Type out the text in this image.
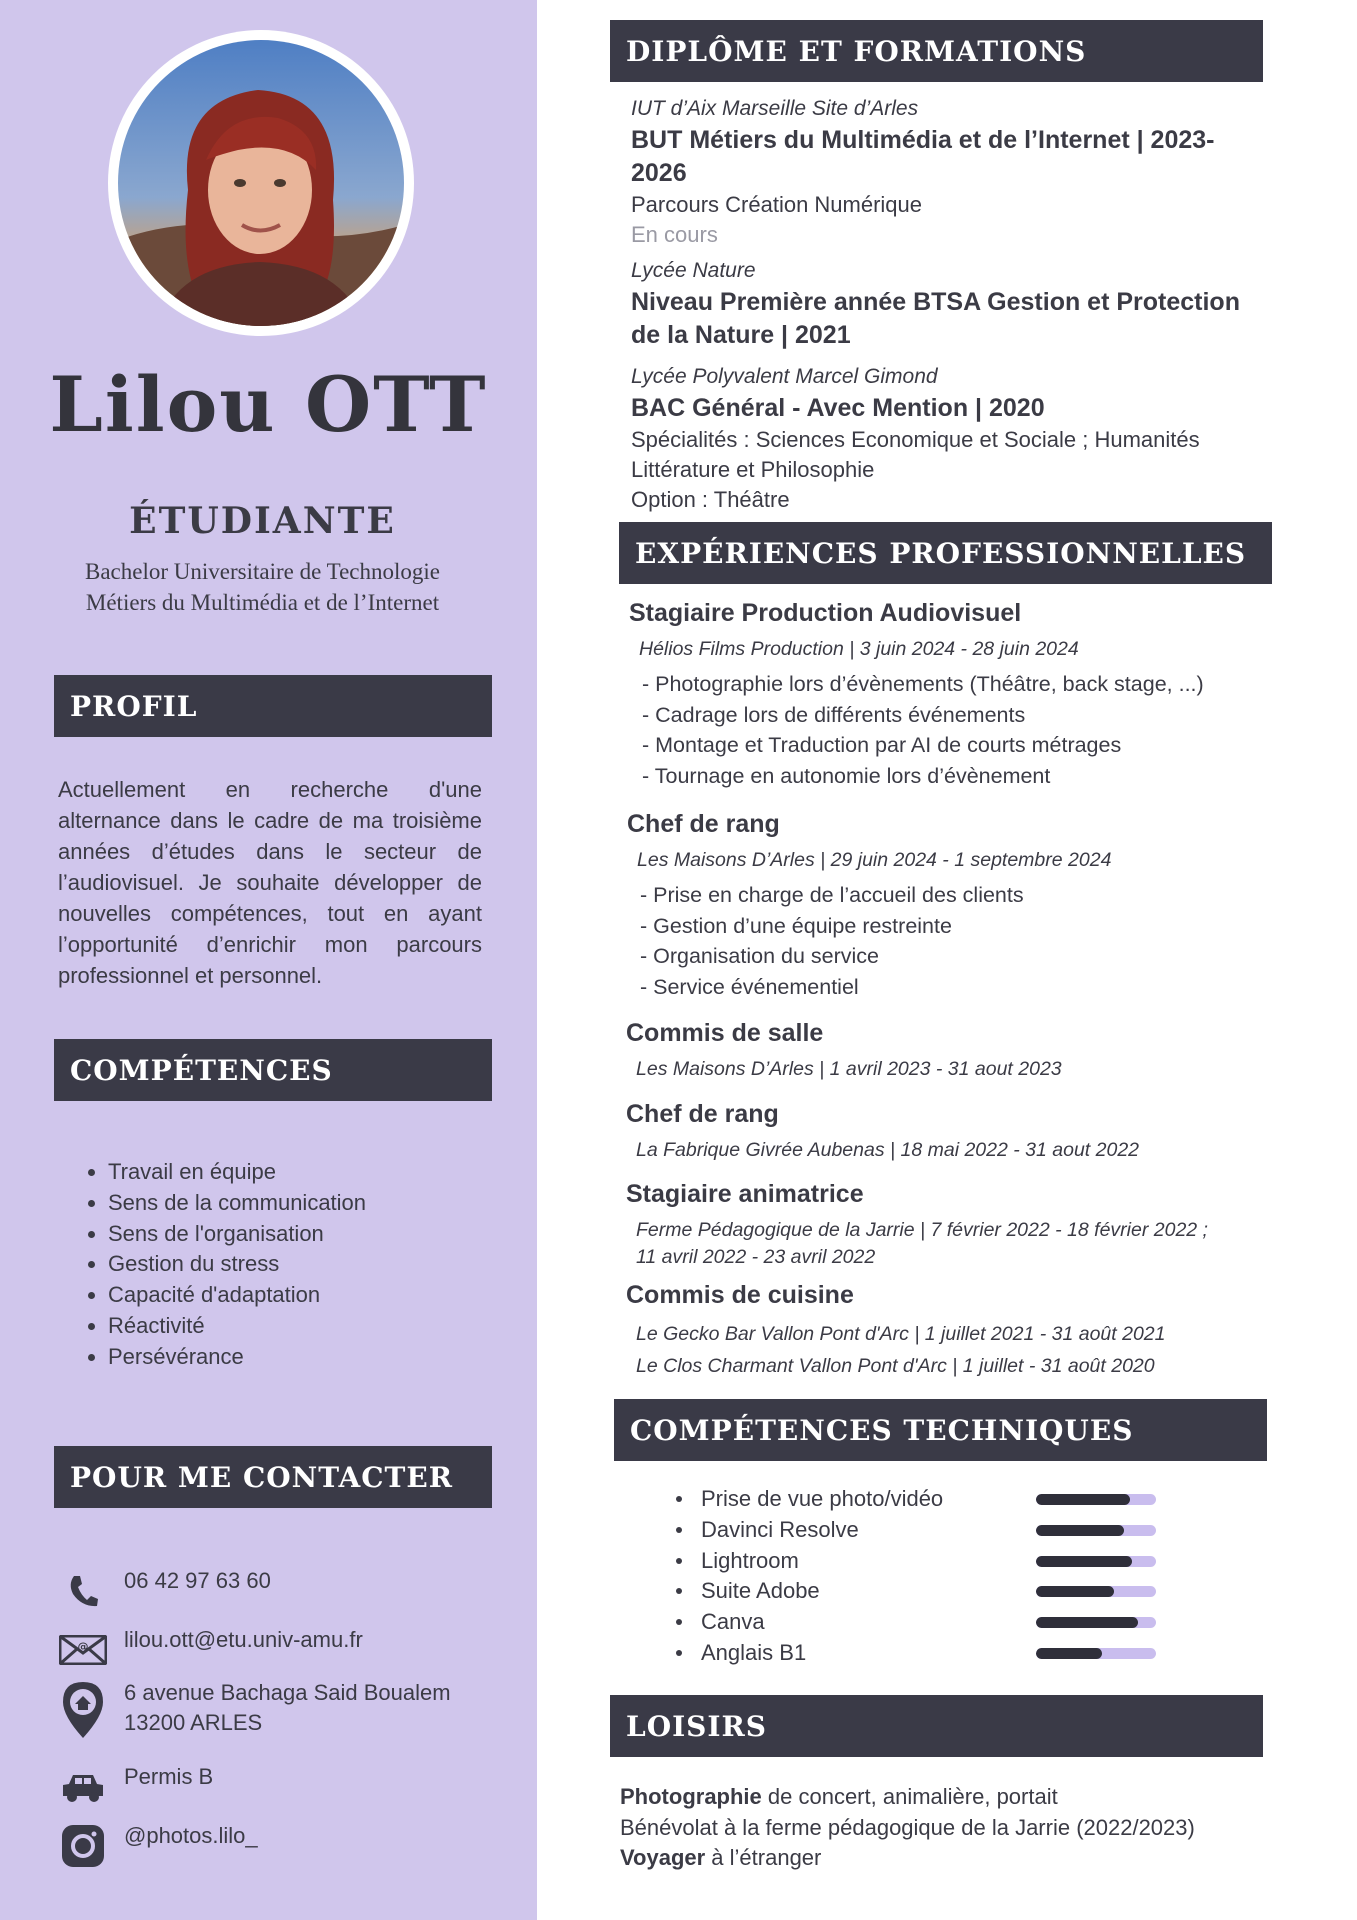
Lilou OTT
ÉTUDIANTE
Bachelor Universitaire de Technologie
Métiers du Multimédia et de l’Internet
PROFIL
Actuellement en recherche d'une alternance dans le cadre de ma troisième années d’études dans le secteur de l’audiovisuel. Je souhaite développer de nouvelles compétences, tout en ayant l’opportunité d’enrichir mon parcours professionnel et personnel.
COMPÉTENCES
• Travail en équipe
• Sens de la communication
• Sens de l'organisation
• Gestion du stress
• Capacité d'adaptation
• Réactivité
• Persévérance
POUR ME CONTACTER
06 42 97 63 60
@ lilou.ott@etu.univ-amu.fr
6 avenue Bachaga Said Boualem
13200 ARLES
Permis B
@photos.lilo_
DIPLÔME ET FORMATIONS
IUT d’Aix Marseille Site d’Arles
BUT Métiers du Multimédia et de l’Internet | 2023-2026
Parcours Création Numérique
En cours
Lycée Nature
Niveau Première année BTSA Gestion et Protection de la Nature | 2021
Lycée Polyvalent Marcel Gimond
BAC Général - Avec Mention | 2020
Spécialités : Sciences Economique et Sociale ; Humanités Littérature et Philosophie
Option : Théâtre
EXPÉRIENCES PROFESSIONNELLES
Stagiaire Production Audiovisuel
Hélios Films Production | 3 juin 2024 - 28 juin 2024
- Photographie lors d’évènements (Théâtre, back stage, ...)
- Cadrage lors de différents événements
- Montage et Traduction par AI de courts métrages
- Tournage en autonomie lors d’évènement
Chef de rang
Les Maisons D’Arles | 29 juin 2024 - 1 septembre 2024
- Prise en charge de l’accueil des clients
- Gestion d’une équipe restreinte
- Organisation du service
- Service événementiel
Commis de salle
Les Maisons D’Arles | 1 avril 2023 - 31 aout 2023
Chef de rang
La Fabrique Givrée Aubenas | 18 mai 2022 - 31 aout 2022
Stagiaire animatrice
Ferme Pédagogique de la Jarrie | 7 février 2022 - 18 février 2022 ;
11 avril 2022 - 23 avril 2022
Commis de cuisine
Le Gecko Bar Vallon Pont d'Arc | 1 juillet 2021 - 31 août 2021
Le Clos Charmant Vallon Pont d'Arc | 1 juillet - 31 août 2020
COMPÉTENCES TECHNIQUES
Prise de vue photo/vidéo
Davinci Resolve
Lightroom
Suite Adobe
Canva
Anglais B1
LOISIRS
Photographie de concert, animalière, portait
Bénévolat à la ferme pédagogique de la Jarrie (2022/2023)
Voyager à l’étranger
